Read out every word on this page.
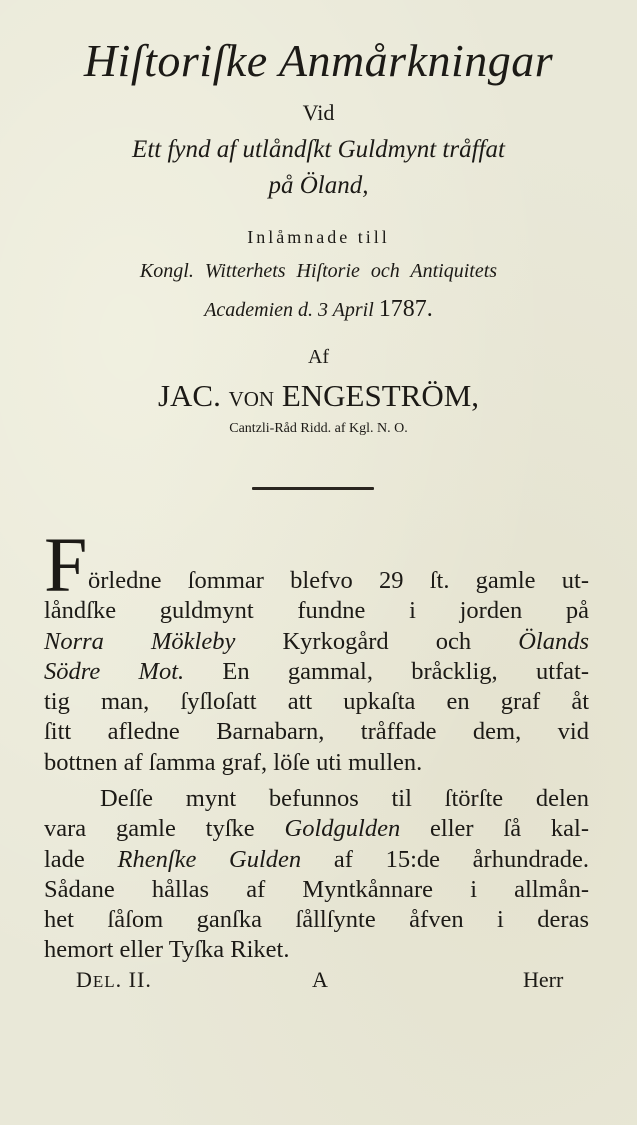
Hiſtoriſke Anmårkningar
Vid
Ett fynd af utlåndſkt Guldmynt tråffat
på Öland,
Inlåmnade till
Kongl. Witterhets Hiſtorie och Antiquitets
Academien d. 3 April 1787.
Af
JAC. VON ENGESTRÖM,
Cantzli-Råd Ridd. af Kgl. N. O.
F örledne ſommar blefvo 29 ſt. gamle ut-
låndſke guldmynt fundne i jorden på
Norra Mökleby Kyrkogård och Ölands
Södre Mot. En gammal, bråcklig, utfat-
tig man, ſyſloſatt att upkaſta en graf åt
ſitt afledne Barnabarn, tråffade dem, vid
bottnen af ſamma graf, löſe uti mullen.
Deſſe mynt befunnos til ſtörſte delen
vara gamle tyſke Goldgulden eller ſå kal-
lade Rhenſke Gulden af 15:de århundrade.
Sådane hållas af Myntkånnare i allmån-
het ſåſom ganſka ſållſynte åfven i deras
hemort eller Tyſka Riket.
DEL. II.	A	Herr
